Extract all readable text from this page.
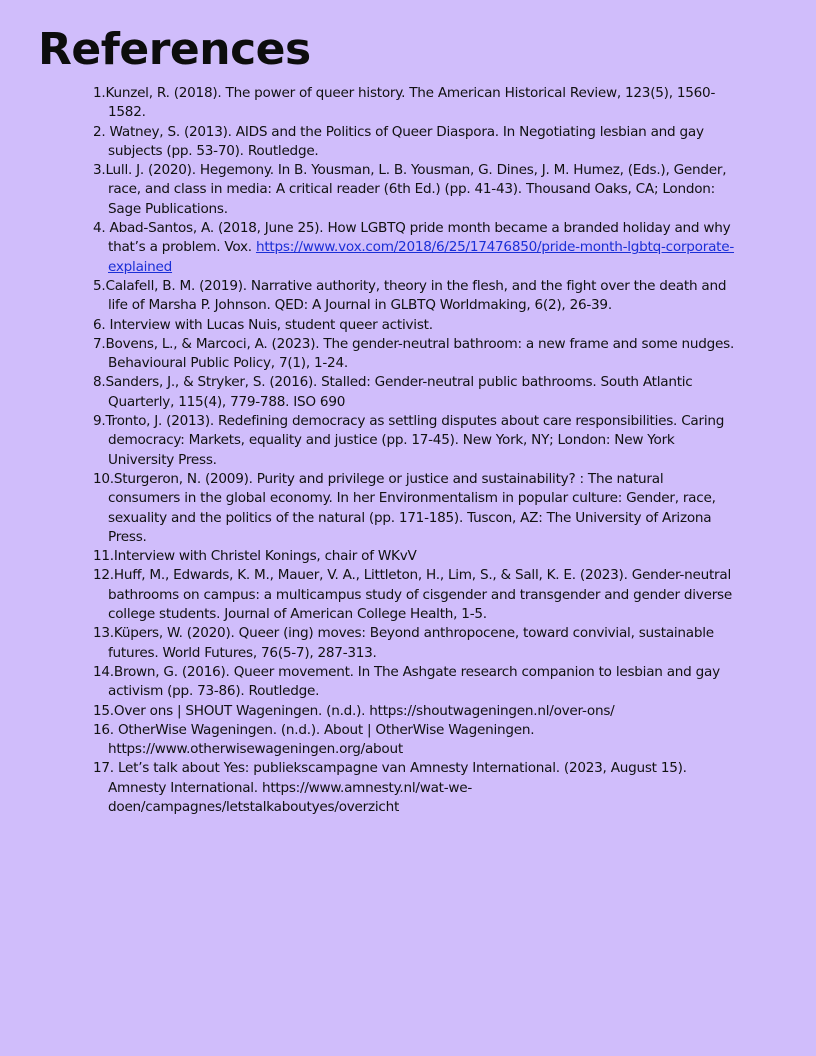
References
1.Kunzel, R. (2018). The power of queer history. The American Historical Review, 123(5), 1560-1582.
2. Watney, S. (2013). AIDS and the Politics of Queer Diaspora. In Negotiating lesbian and gay subjects (pp. 53-70). Routledge.
3.Lull. J. (2020). Hegemony. In B. Yousman, L. B. Yousman, G. Dines, J. M. Humez, (Eds.), Gender, race, and class in media: A critical reader (6th Ed.) (pp. 41-43). Thousand Oaks, CA; London: Sage Publications.
4. Abad-Santos, A. (2018, June 25). How LGBTQ pride month became a branded holiday and why that’s a problem. Vox. https://www.vox.com/2018/6/25/17476850/pride-month-lgbtq-corporate-explained
5.Calafell, B. M. (2019). Narrative authority, theory in the flesh, and the fight over the death and life of Marsha P. Johnson. QED: A Journal in GLBTQ Worldmaking, 6(2), 26-39.
6. Interview with Lucas Nuis, student queer activist.
7.Bovens, L., & Marcoci, A. (2023). The gender-neutral bathroom: a new frame and some nudges. Behavioural Public Policy, 7(1), 1-24.
8.Sanders, J., & Stryker, S. (2016). Stalled: Gender-neutral public bathrooms. South Atlantic Quarterly, 115(4), 779-788. ISO 690
9.Tronto, J. (2013). Redefining democracy as settling disputes about care responsibilities. Caring democracy: Markets, equality and justice (pp. 17-45). New York, NY; London: New York University Press.
10.Sturgeron, N. (2009). Purity and privilege or justice and sustainability? : The natural consumers in the global economy. In her Environmentalism in popular culture: Gender, race, sexuality and the politics of the natural (pp. 171-185). Tuscon, AZ: The University of Arizona Press.
11.Interview with Christel Konings, chair of WKvV
12.Huff, M., Edwards, K. M., Mauer, V. A., Littleton, H., Lim, S., & Sall, K. E. (2023). Gender-neutral bathrooms on campus: a multicampus study of cisgender and transgender and gender diverse college students. Journal of American College Health, 1-5.
13.Küpers, W. (2020). Queer (ing) moves: Beyond anthropocene, toward convivial, sustainable futures. World Futures, 76(5-7), 287-313.
14.Brown, G. (2016). Queer movement. In The Ashgate research companion to lesbian and gay activism (pp. 73-86). Routledge.
15.Over ons | SHOUT Wageningen. (n.d.). https://shoutwageningen.nl/over-ons/
16. OtherWise Wageningen. (n.d.). About | OtherWise Wageningen. https://www.otherwisewageningen.org/about
17. Let’s talk about Yes: publiekscampagne van Amnesty International. (2023, August 15). Amnesty International. https://www.amnesty.nl/wat-we-doen/campagnes/letstalkaboutyes/overzicht
